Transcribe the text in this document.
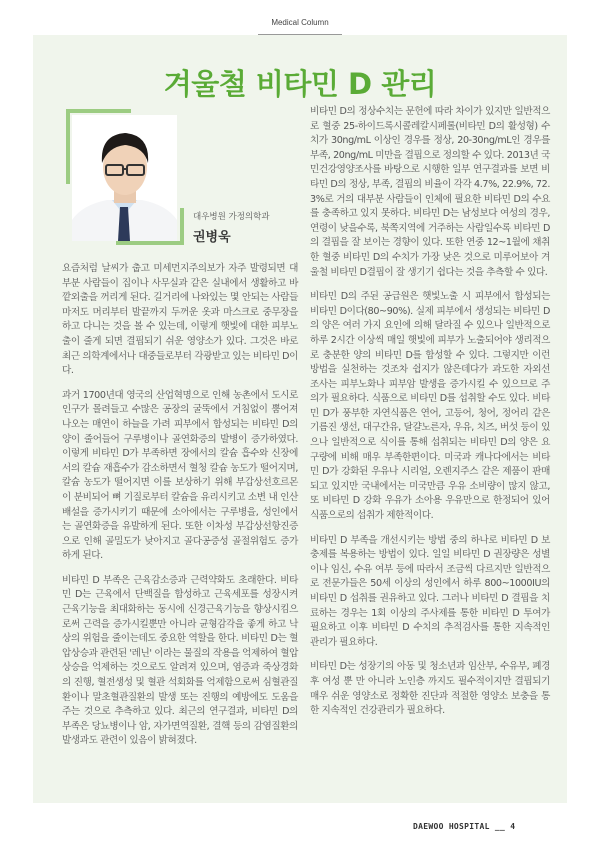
Medical Column
겨울철 비타민 D 관리
대우병원 가정의학과
권병욱

요즘처럼 날씨가 춥고 미세먼지주의보가 자주 발령되면 대부분 사람들이 집이나 사무실과 같은 실내에서 생활하고 바깥외출을 꺼리게 된다. 길거리에 나와있는 몇 안되는 사람들마저도 머리부터 발끝까지 두꺼운 옷과 마스크로 중무장을 하고 다니는 것을 볼 수 있는데, 이렇게 햇빛에 대한 피부노출이 줄게 되면 결핍되기 쉬운 영양소가 있다. 그것은 바로 최근 의학계에서나 대중들로부터 각광받고 있는 비타민 D이다.

과거 1700년대 영국의 산업혁명으로 인해 농촌에서 도시로 인구가 몰려들고 수많은 공장의 굴뚝에서 거침없이 뿜어져 나오는 매연이 하늘을 가려 피부에서 합성되는 비타민 D의 양이 줄어들어 구루병이나 골연화증의 발병이 증가하였다. 이렇게 비타민 D가 부족하면 장에서의 칼슘 흡수와 신장에서의 칼슘 재흡수가 감소하면서 혈청 칼슘 농도가 떨어지며, 칼슘 농도가 떨어지면 이를 보상하기 위해 부갑상선호르몬이 분비되어 뼈 기질로부터 칼슘을 유리시키고 소변 내 인산배설을 증가시키기 때문에 소아에서는 구루병을, 성인에서는 골연화증을 유발하게 된다. 또한 이차성 부갑상선항진증으로 인해 골밀도가 낮아지고 골다공증성 골절위험도 증가하게 된다.

비타민 D 부족은 근육감소증과 근력약화도 초래한다. 비타민 D는 근육에서 단백질을 합성하고 근육세포를 성장시켜 근육기능을 최대화하는 동시에 신경근육기능을 향상시킴으로써 근력을 증가시킬뿐만 아니라 균형감각을 좋게 하고 낙상의 위험을 줄이는데도 중요한 역할을 한다. 비타민 D는 혈압상승과 관련된 '레닌' 이라는 물질의 작용을 억제하여 혈압상승을 억제하는 것으로도 알려져 있으며, 염증과 죽상경화의 진행, 혈전생성 및 혈관 석회화를 억제함으로써 심혈관질환이나 말초혈관질환의 발생 또는 진행의 예방에도 도움을 주는 것으로 추측하고 있다. 최근의 연구결과, 비타민 D의 부족은 당뇨병이나 암, 자가면역질환, 결핵 등의 감염질환의 발생과도 관련이 있음이 밝혀졌다.

비타민 D의 정상수치는 문헌에 따라 차이가 있지만 일반적으로 혈중 25-하이드록시콜레칼시페롤(비타민 D의 활성형) 수치가 30ng/mL 이상인 경우를 정상, 20-30ng/mL인 경우를 부족, 20ng/mL 미만을 결핍으로 정의할 수 있다. 2013년 국민건강영양조사를 바탕으로 시행한 일부 연구결과를 보면 비타민 D의 정상, 부족, 결핍의 비율이 각각 4.7%, 22.9%, 72.3%로 거의 대부분 사람들이 인체에 필요한 비타민 D의 수요를 충족하고 있지 못하다. 비타민 D는 남성보다 여성의 경우, 연령이 낮을수록, 북쪽지역에 거주하는 사람일수록 비타민 D의 결핍을 잘 보이는 경향이 있다. 또한 연중 12~1월에 채취한 혈중 비타민 D의 수치가 가장 낮은 것으로 미루어보아 겨울철 비타민 D결핍이 잘 생기기 쉽다는 것을 추측할 수 있다.

비타민 D의 주된 공급원은 햇빛노출 시 피부에서 합성되는 비타민 D이다(80~90%). 실제 피부에서 생성되는 비타민 D의 양은 여러 가지 요인에 의해 달라질 수 있으나 일반적으로 하루 2시간 이상씩 매일 햇빛에 피부가 노출되어야 생리적으로 충분한 양의 비타민 D를 합성할 수 있다. 그렇지만 이런 방법을 실천하는 것조차 쉽지가 않은데다가 과도한 자외선 조사는 피부노화나 피부암 발생을 증가시킬 수 있으므로 주의가 필요하다. 식품으로 비타민 D를 섭취할 수도 있다. 비타민 D가 풍부한 자연식품은 연어, 고등어, 청어, 정어리 같은 기름진 생선, 대구간유, 달걀노른자, 우유, 치즈, 버섯 등이 있으나 일반적으로 식이를 통해 섭취되는 비타민 D의 양은 요구량에 비해 매우 부족한편이다. 미국과 캐나다에서는 비타민 D가 강화된 우유나 시리얼, 오렌지주스 같은 제품이 판매되고 있지만 국내에서는 미국만큼 우유 소비량이 많지 않고, 또 비타민 D 강화 우유가 소아용 우유만으로 한정되어 있어 식품으로의 섭취가 제한적이다.

비타민 D 부족을 개선시키는 방법 중의 하나로 비타민 D 보충제를 복용하는 방법이 있다. 일일 비타민 D 권장량은 성별이나 임신, 수유 여부 등에 따라서 조금씩 다르지만 일반적으로 전문가들은 50세 이상의 성인에서 하루 800~1000IU의 비타민 D 섭취를 권유하고 있다. 그러나 비타민 D 결핍을 치료하는 경우는 1회 이상의 주사제를 통한 비타민 D 투여가 필요하고 이후 비타민 D 수치의 추적검사를 통한 지속적인 관리가 필요하다.

비타민 D는 성장기의 아동 및 청소년과 임산부, 수유부, 폐경 후 여성 뿐 만 아니라 노인층 까지도 필수적이지만 결핍되기 매우 쉬운 영양소로 정확한 진단과 적절한 영양소 보충을 통한 지속적인 건강관리가 필요하다.

DAEWOO HOSPITAL __ 4
